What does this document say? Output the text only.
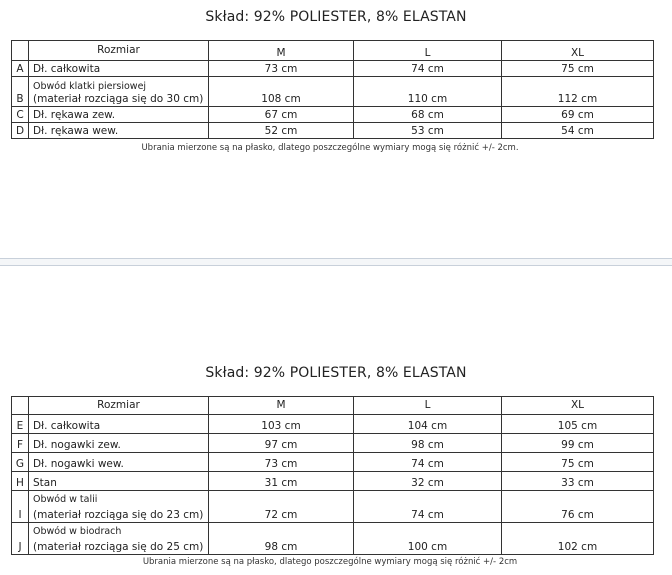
Skład: 92% POLIESTER, 8% ELASTAN
	Rozmiar	M	L	XL
A	Dł. całkowita	73 cm	74 cm	75 cm
B	Obwód klatki piersiowej
(materiał rozciąga się do 30 cm)	108 cm	110 cm	112 cm
C	Dł. rękawa zew.	67 cm	68 cm	69 cm
D	Dł. rękawa wew.	52 cm	53 cm	54 cm
Ubrania mierzone są na płasko, dlatego poszczególne wymiary mogą się różnić +/- 2cm.
Skład: 92% POLIESTER, 8% ELASTAN
	Rozmiar	M	L	XL
E	Dł. całkowita	103 cm	104 cm	105 cm
F	Dł. nogawki zew.	97 cm	98 cm	99 cm
G	Dł. nogawki wew.	73 cm	74 cm	75 cm
H	Stan	31 cm	32 cm	33 cm
I	Obwód w talii
(materiał rozciąga się do 23 cm)	72 cm	74 cm	76 cm
J	Obwód w biodrach
(materiał rozciąga się do 25 cm)	98 cm	100 cm	102 cm
Ubrania mierzone są na płasko, dlatego poszczególne wymiary mogą się różnić +/- 2cm
